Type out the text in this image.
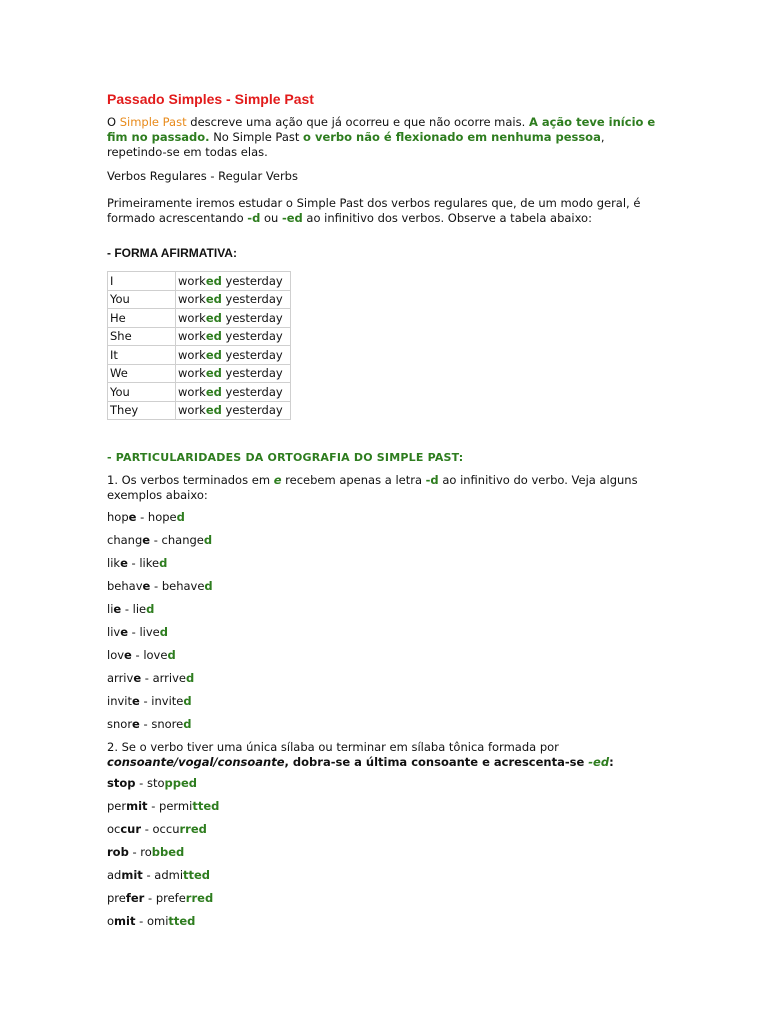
Passado Simples - Simple Past

O Simple Past descreve uma ação que já ocorreu e que não ocorre mais. A ação teve início e fim no passado. No Simple Past o verbo não é flexionado em nenhuma pessoa, repetindo-se em todas elas.

Verbos Regulares - Regular Verbs

Primeiramente iremos estudar o Simple Past dos verbos regulares que, de um modo geral, é formado acrescentando -d ou -ed ao infinitivo dos verbos. Observe a tabela abaixo:

- FORMA AFIRMATIVA:
I	worked yesterday
You	worked yesterday
He	worked yesterday
She	worked yesterday
It	worked yesterday
We	worked yesterday
You	worked yesterday
They	worked yesterday
- PARTICULARIDADES DA ORTOGRAFIA DO SIMPLE PAST:

1. Os verbos terminados em e recebem apenas a letra -d ao infinitivo do verbo. Veja alguns exemplos abaixo:

hope - hoped

change - changed

like - liked

behave - behaved

lie - lied

live - lived

love - loved

arrive - arrived

invite - invited

snore - snored

2. Se o verbo tiver uma única sílaba ou terminar em sílaba tônica formada por consoante/vogal/consoante, dobra-se a última consoante e acrescenta-se -ed:

stop - stopped

permit - permitted

occur - occurred

rob - robbed

admit - admitted

prefer - preferred

omit - omitted
